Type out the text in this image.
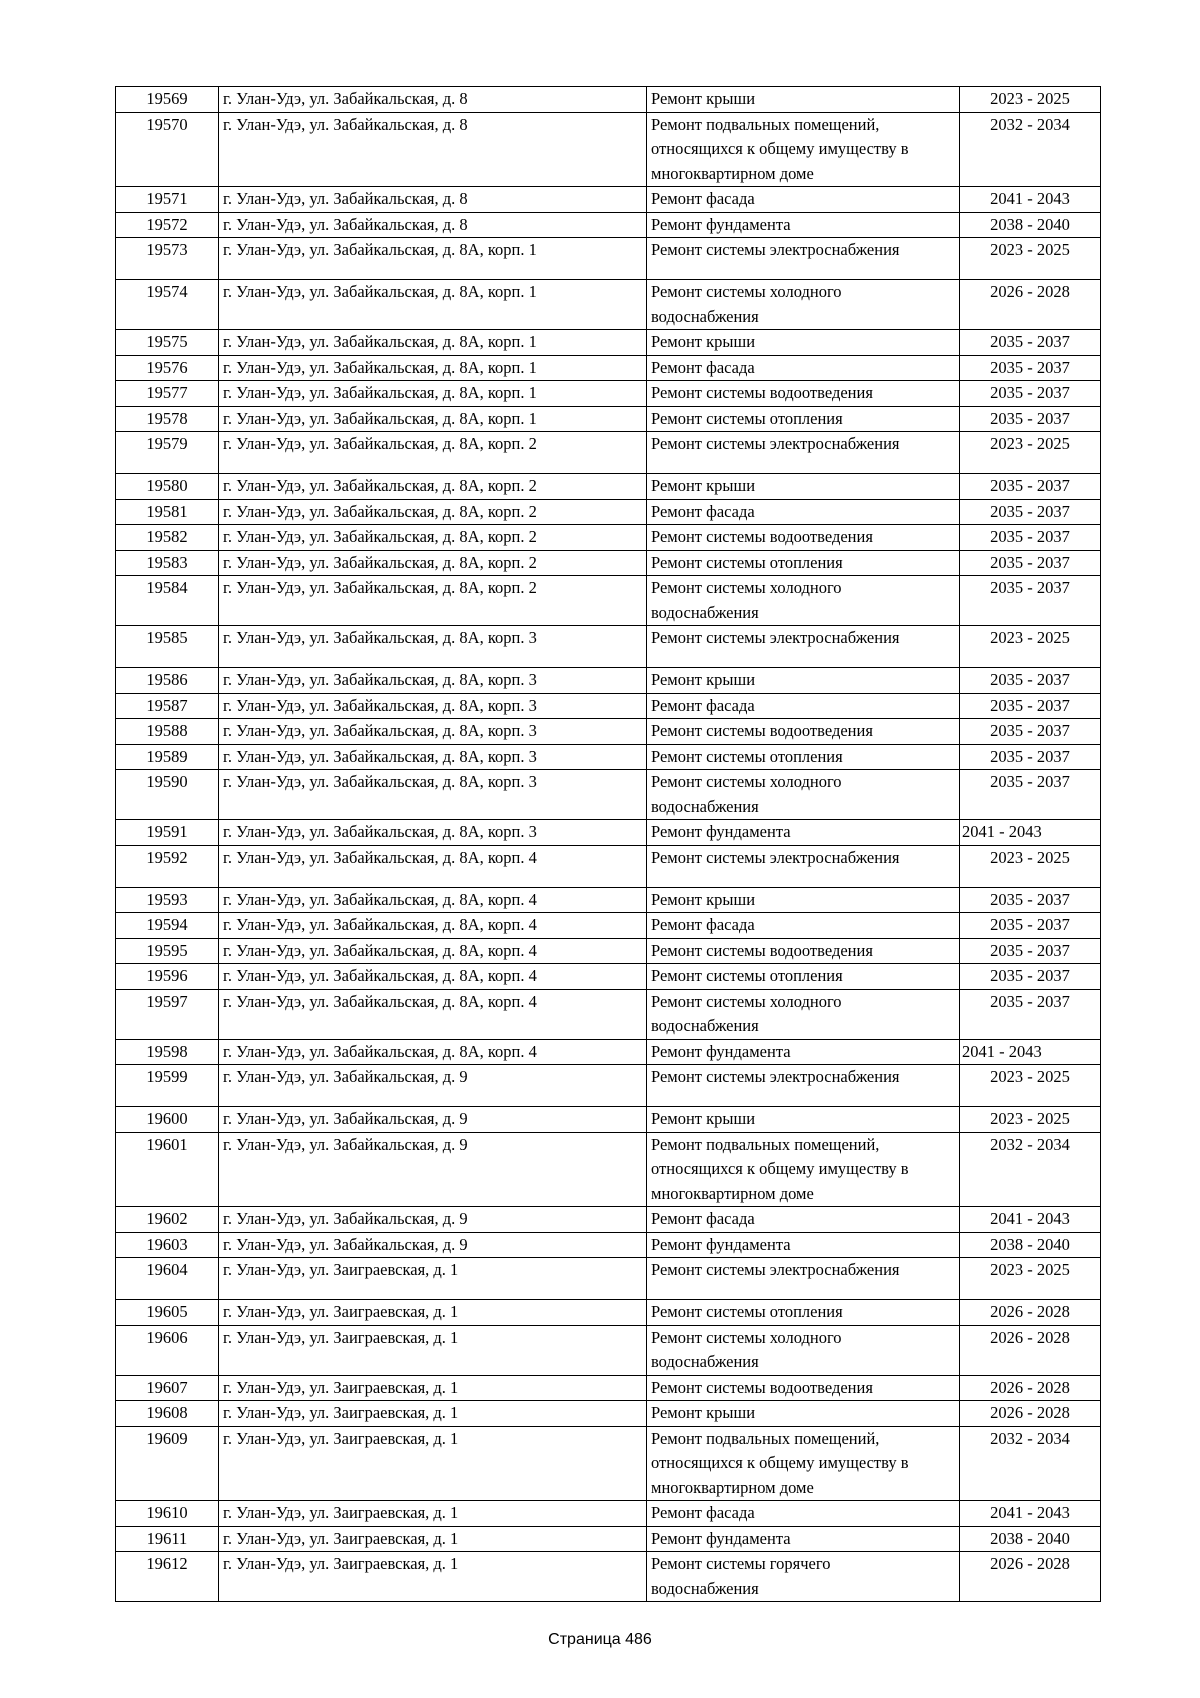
19569	г. Улан-Удэ, ул. Забайкальская, д. 8	Ремонт крыши	2023 - 2025
19570	г. Улан-Удэ, ул. Забайкальская, д. 8	Ремонт подвальных помещений,
относящихся к общему имуществу в
многоквартирном доме	2032 - 2034
19571	г. Улан-Удэ, ул. Забайкальская, д. 8	Ремонт фасада	2041 - 2043
19572	г. Улан-Удэ, ул. Забайкальская, д. 8	Ремонт фундамента	2038 - 2040
19573	г. Улан-Удэ, ул. Забайкальская, д. 8А, корп. 1	Ремонт системы электроснабжения	2023 - 2025
19574	г. Улан-Удэ, ул. Забайкальская, д. 8А, корп. 1	Ремонт системы холодного
водоснабжения	2026 - 2028
19575	г. Улан-Удэ, ул. Забайкальская, д. 8А, корп. 1	Ремонт крыши	2035 - 2037
19576	г. Улан-Удэ, ул. Забайкальская, д. 8А, корп. 1	Ремонт фасада	2035 - 2037
19577	г. Улан-Удэ, ул. Забайкальская, д. 8А, корп. 1	Ремонт системы водоотведения	2035 - 2037
19578	г. Улан-Удэ, ул. Забайкальская, д. 8А, корп. 1	Ремонт системы отопления	2035 - 2037
19579	г. Улан-Удэ, ул. Забайкальская, д. 8А, корп. 2	Ремонт системы электроснабжения	2023 - 2025
19580	г. Улан-Удэ, ул. Забайкальская, д. 8А, корп. 2	Ремонт крыши	2035 - 2037
19581	г. Улан-Удэ, ул. Забайкальская, д. 8А, корп. 2	Ремонт фасада	2035 - 2037
19582	г. Улан-Удэ, ул. Забайкальская, д. 8А, корп. 2	Ремонт системы водоотведения	2035 - 2037
19583	г. Улан-Удэ, ул. Забайкальская, д. 8А, корп. 2	Ремонт системы отопления	2035 - 2037
19584	г. Улан-Удэ, ул. Забайкальская, д. 8А, корп. 2	Ремонт системы холодного
водоснабжения	2035 - 2037
19585	г. Улан-Удэ, ул. Забайкальская, д. 8А, корп. 3	Ремонт системы электроснабжения	2023 - 2025
19586	г. Улан-Удэ, ул. Забайкальская, д. 8А, корп. 3	Ремонт крыши	2035 - 2037
19587	г. Улан-Удэ, ул. Забайкальская, д. 8А, корп. 3	Ремонт фасада	2035 - 2037
19588	г. Улан-Удэ, ул. Забайкальская, д. 8А, корп. 3	Ремонт системы водоотведения	2035 - 2037
19589	г. Улан-Удэ, ул. Забайкальская, д. 8А, корп. 3	Ремонт системы отопления	2035 - 2037
19590	г. Улан-Удэ, ул. Забайкальская, д. 8А, корп. 3	Ремонт системы холодного
водоснабжения	2035 - 2037
19591	г. Улан-Удэ, ул. Забайкальская, д. 8А, корп. 3	Ремонт фундамента	2041 - 2043
19592	г. Улан-Удэ, ул. Забайкальская, д. 8А, корп. 4	Ремонт системы электроснабжения	2023 - 2025
19593	г. Улан-Удэ, ул. Забайкальская, д. 8А, корп. 4	Ремонт крыши	2035 - 2037
19594	г. Улан-Удэ, ул. Забайкальская, д. 8А, корп. 4	Ремонт фасада	2035 - 2037
19595	г. Улан-Удэ, ул. Забайкальская, д. 8А, корп. 4	Ремонт системы водоотведения	2035 - 2037
19596	г. Улан-Удэ, ул. Забайкальская, д. 8А, корп. 4	Ремонт системы отопления	2035 - 2037
19597	г. Улан-Удэ, ул. Забайкальская, д. 8А, корп. 4	Ремонт системы холодного
водоснабжения	2035 - 2037
19598	г. Улан-Удэ, ул. Забайкальская, д. 8А, корп. 4	Ремонт фундамента	2041 - 2043
19599	г. Улан-Удэ, ул. Забайкальская, д. 9	Ремонт системы электроснабжения	2023 - 2025
19600	г. Улан-Удэ, ул. Забайкальская, д. 9	Ремонт крыши	2023 - 2025
19601	г. Улан-Удэ, ул. Забайкальская, д. 9	Ремонт подвальных помещений,
относящихся к общему имуществу в
многоквартирном доме	2032 - 2034
19602	г. Улан-Удэ, ул. Забайкальская, д. 9	Ремонт фасада	2041 - 2043
19603	г. Улан-Удэ, ул. Забайкальская, д. 9	Ремонт фундамента	2038 - 2040
19604	г. Улан-Удэ, ул. Заиграевская, д. 1	Ремонт системы электроснабжения	2023 - 2025
19605	г. Улан-Удэ, ул. Заиграевская, д. 1	Ремонт системы отопления	2026 - 2028
19606	г. Улан-Удэ, ул. Заиграевская, д. 1	Ремонт системы холодного
водоснабжения	2026 - 2028
19607	г. Улан-Удэ, ул. Заиграевская, д. 1	Ремонт системы водоотведения	2026 - 2028
19608	г. Улан-Удэ, ул. Заиграевская, д. 1	Ремонт крыши	2026 - 2028
19609	г. Улан-Удэ, ул. Заиграевская, д. 1	Ремонт подвальных помещений,
относящихся к общему имуществу в
многоквартирном доме	2032 - 2034
19610	г. Улан-Удэ, ул. Заиграевская, д. 1	Ремонт фасада	2041 - 2043
19611	г. Улан-Удэ, ул. Заиграевская, д. 1	Ремонт фундамента	2038 - 2040
19612	г. Улан-Удэ, ул. Заиграевская, д. 1	Ремонт системы горячего
водоснабжения	2026 - 2028
Страница 486
